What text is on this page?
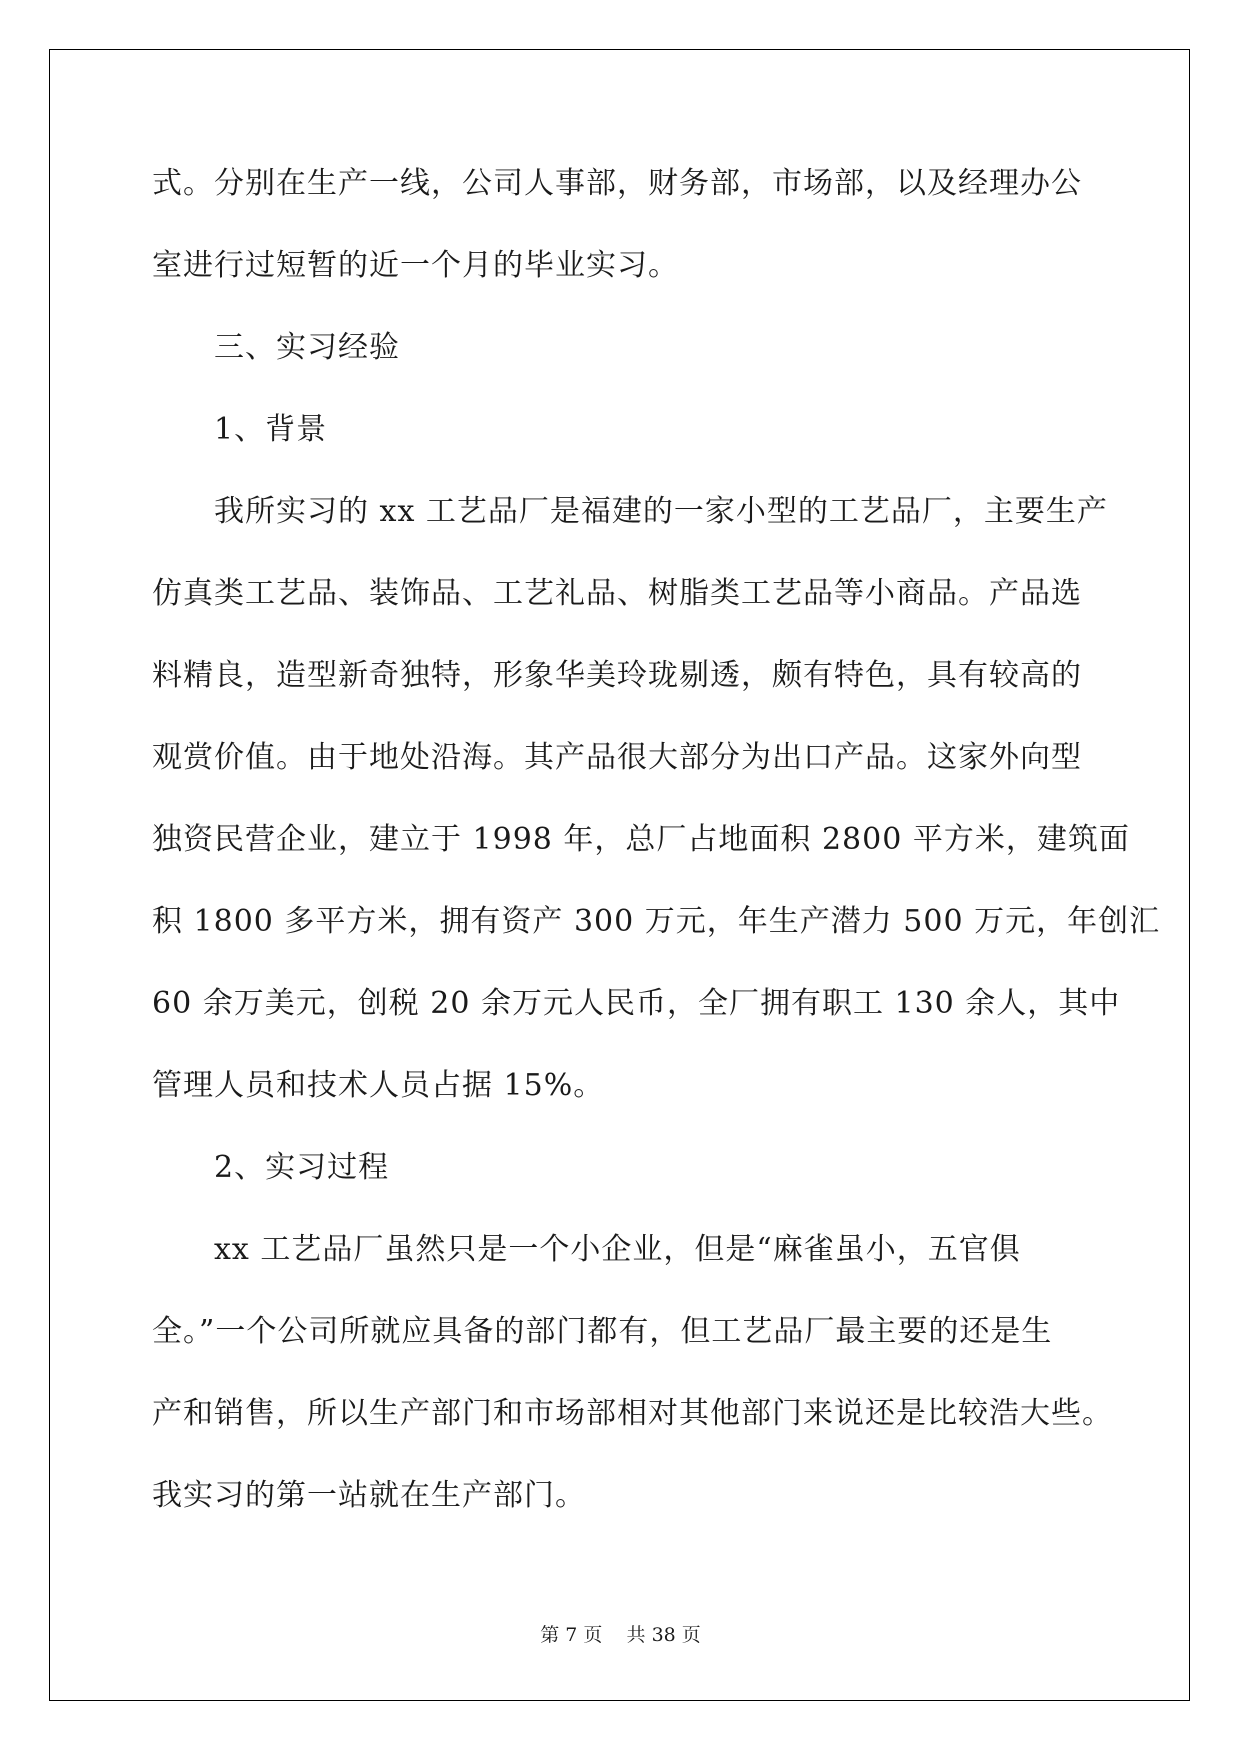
式。分别在生产一线，公司人事部，财务部，市场部，以及经理办公
室进行过短暂的近一个月的毕业实习。
三、实习经验
1、背景
我所实习的 xx 工艺品厂是福建的一家小型的工艺品厂，主要生产
仿真类工艺品、装饰品、工艺礼品、树脂类工艺品等小商品。产品选
料精良，造型新奇独特，形象华美玲珑剔透，颇有特色，具有较高的
观赏价值。由于地处沿海。其产品很大部分为出口产品。这家外向型
独资民营企业，建立于 1998 年，总厂占地面积 2800 平方米，建筑面
积 1800 多平方米，拥有资产 300 万元，年生产潜力 500 万元，年创汇
60 余万美元，创税 20 余万元人民币，全厂拥有职工 130 余人，其中
管理人员和技术人员占据 15%。
2、实习过程
xx 工艺品厂虽然只是一个小企业，但是“麻雀虽小，五官俱
全。”一个公司所就应具备的部门都有，但工艺品厂最主要的还是生
产和销售，所以生产部门和市场部相对其他部门来说还是比较浩大些。
我实习的第一站就在生产部门。
第 7 页    共 38 页
